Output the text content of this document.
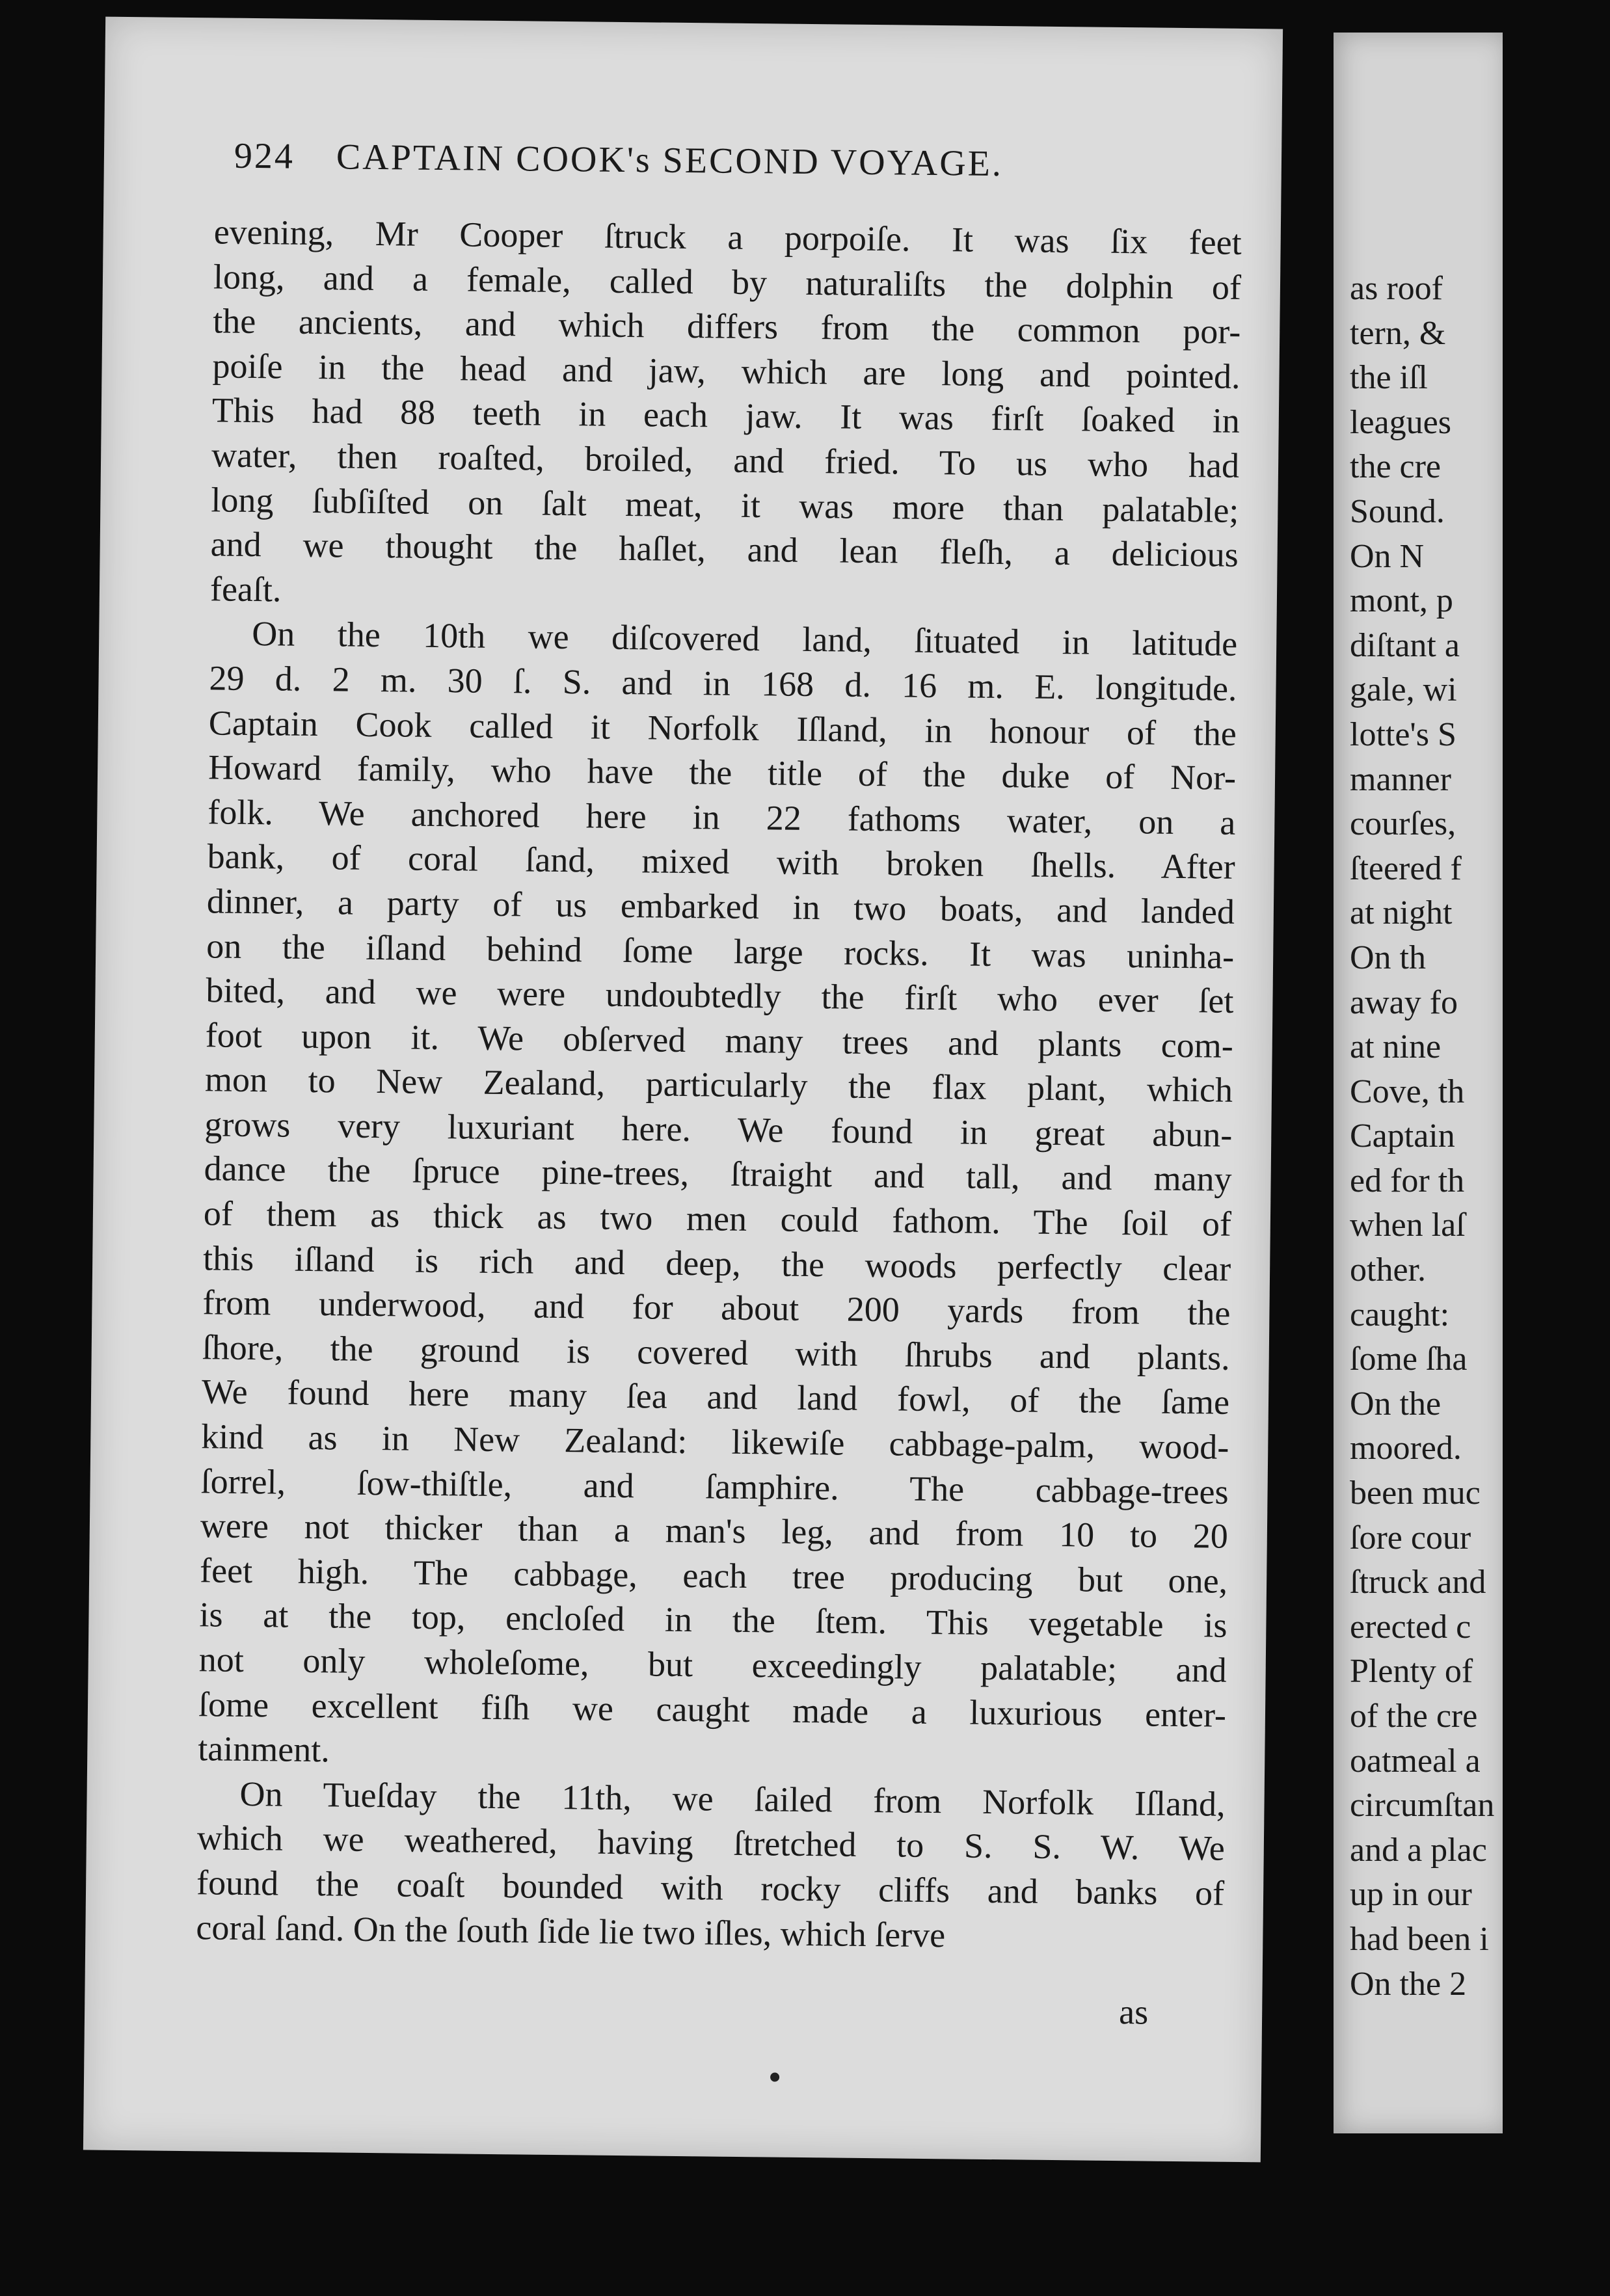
924 CAPTAIN COOK's SECOND VOYAGE.
evening, Mr Cooper ſtruck a porpoiſe. It was ſix feet
long, and a female, called by naturaliſts the dolphin of
the ancients, and which differs from the common por-
poiſe in the head and jaw, which are long and pointed.
This had 88 teeth in each jaw. It was firſt ſoaked in
water, then roaſted, broiled, and fried. To us who had
long ſubſiſted on ſalt meat, it was more than palatable;
and we thought the haſlet, and lean fleſh, a delicious
feaſt.
On the 10th we diſcovered land, ſituated in latitude
29 d. 2 m. 30 ſ. S. and in 168 d. 16 m. E. longitude.
Captain Cook called it Norfolk Iſland, in honour of the
Howard family, who have the title of the duke of Nor-
folk. We anchored here in 22 fathoms water, on a
bank, of coral ſand, mixed with broken ſhells. After
dinner, a party of us embarked in two boats, and landed
on the iſland behind ſome large rocks. It was uninha-
bited, and we were undoubtedly the firſt who ever ſet
foot upon it. We obſerved many trees and plants com-
mon to New Zealand, particularly the flax plant, which
grows very luxuriant here. We found in great abun-
dance the ſpruce pine-trees, ſtraight and tall, and many
of them as thick as two men could fathom. The ſoil of
this iſland is rich and deep, the woods perfectly clear
from underwood, and for about 200 yards from the
ſhore, the ground is covered with ſhrubs and plants.
We found here many ſea and land fowl, of the ſame
kind as in New Zealand: likewiſe cabbage-palm, wood-
ſorrel, ſow-thiſtle, and ſamphire. The cabbage-trees
were not thicker than a man's leg, and from 10 to 20
feet high. The cabbage, each tree producing but one,
is at the top, encloſed in the ſtem. This vegetable is
not only wholeſome, but exceedingly palatable; and
ſome excellent fiſh we caught made a luxurious enter-
tainment.
On Tueſday the 11th, we ſailed from Norfolk Iſland,
which we weathered, having ſtretched to S. S. W. We
found the coaſt bounded with rocky cliffs and banks of
coral ſand. On the ſouth ſide lie two iſles, which ſerve
as
as roof
tern, &
the iſl
leagues
the cre
Sound.
On N
mont, p
diſtant a
gale, wi
lotte's S
manner
courſes,
ſteered f
at night
On th
away fo
at nine
Cove, th
Captain
ed for th
when laſ
other.
caught:
ſome ſha
On the
moored.
been muc
ſore cour
ſtruck and
erected c
Plenty of
of the cre
oatmeal a
circumſtan
and a plac
up in our
had been i
On the 2
